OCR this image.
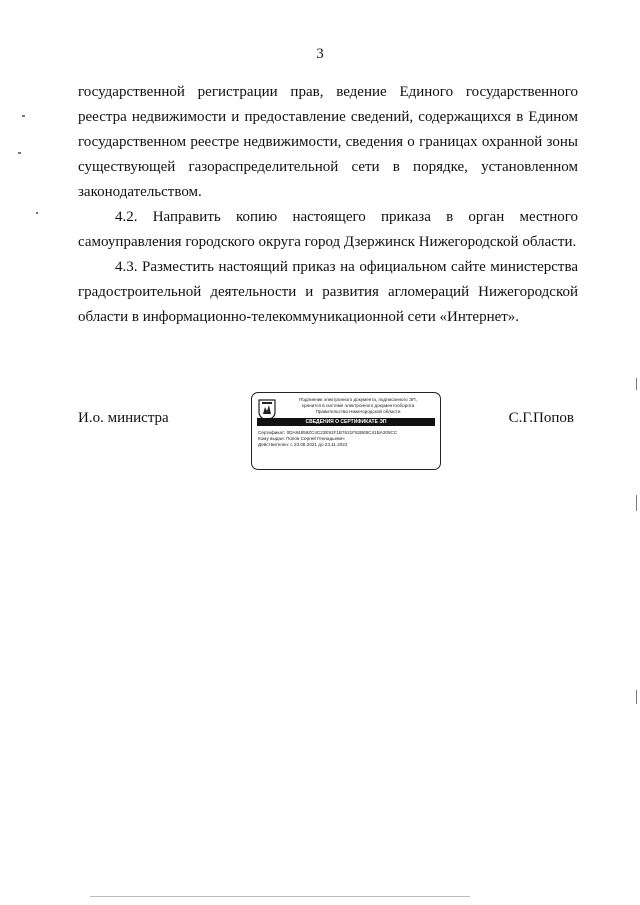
3

государственной регистрации прав, ведение Единого государственного реестра недвижимости и предоставление сведений, содержащихся в Едином государственном реестре недвижимости, сведения о границах охранной зоны существующей газораспределительной сети в порядке, установленном законодательством.

4.2. Направить копию настоящего приказа в орган местного самоуправления городского округа город Дзержинск Нижегородской области.

4.3. Разместить настоящий приказ на официальном сайте министерства градостроительной деятельности и развития агломераций Нижегородской области в информационно-телекоммуникационной сети «Интернет».

И.о. министра
Подлинник электронного документа, подписанного ЭП,
хранится в системе электронного документооборота
Правительства Нижегородской области
СВЕДЕНИЯ О СЕРТИФИКАТЕ ЭП
Сертификат: 0DA84859ZC4C23E91F1B7621F52B65C41BA205CC
Кому выдан: Попов Сергей Геннадьевич
Действителен: с 23.08.2021 до 23.11.2022
С.Г.Попов
